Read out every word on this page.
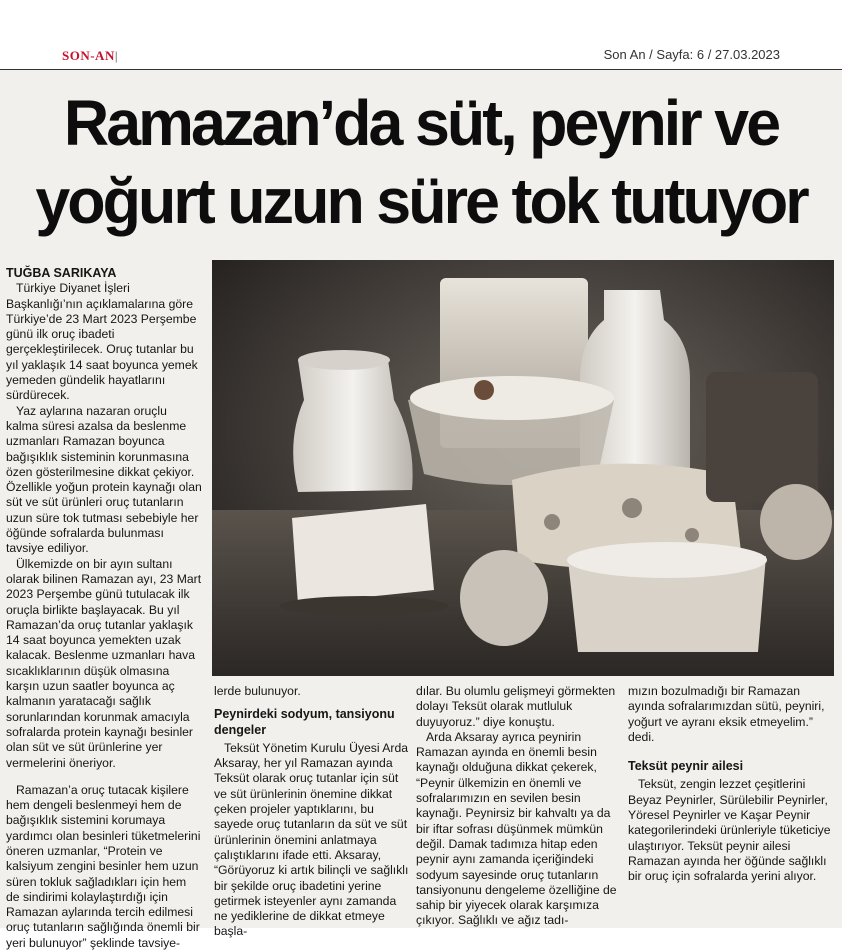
SON-AN|	Son An / Sayfa: 6 / 27.03.2023
Ramazan’da süt, peynir ve
yoğurt uzun süre tok tutuyor

TUĞBA SARIKAYA

Türkiye Diyanet İşleri Başkanlığı’nın açıklamalarına göre Türkiye’de 23 Mart 2023 Perşembe günü ilk oruç ibadeti gerçekleştirilecek. Oruç tutanlar bu yıl yaklaşık 14 saat boyunca yemek yemeden gündelik hayatlarını sürdürecek.

Yaz aylarına nazaran oruçlu kalma süresi azalsa da beslenme uzmanları Ramazan boyunca bağışıklık sisteminin korunmasına özen gösterilmesine dikkat çekiyor. Özellikle yoğun protein kaynağı olan süt ve süt ürünleri oruç tutanların uzun süre tok tutması sebebiyle her öğünde sofralarda bulunması tavsiye ediliyor.

Ülkemizde on bir ayın sultanı olarak bilinen Ramazan ayı, 23 Mart 2023 Perşembe günü tutulacak ilk oruçla birlikte başlayacak. Bu yıl Ramazan’da oruç tutanlar yaklaşık 14 saat boyunca yemekten uzak kalacak. Beslenme uzmanları hava sıcaklıklarının düşük olmasına karşın uzun saatler boyunca aç kalmanın yaratacağı sağlık sorunlarından korunmak amacıyla sofralarda protein kaynağı besinler olan süt ve süt ürünlerine yer vermelerini öneriyor.

Ramazan’a oruç tutacak kişilere hem dengeli beslenmeyi hem de bağışıklık sistemini korumaya yardımcı olan besinleri tüketmelerini öneren uzmanlar, “Protein ve kalsiyum zengini besinler hem uzun süren tokluk sağladıkları için hem de sindirimi kolaylaştırdığı için Ramazan aylarında tercih edilmesi oruç tutanların sağlığında önemli bir yeri bulunuyor” şeklinde tavsiye-

lerde bulunuyor.

Peynirdeki sodyum, tansiyonu dengeler

Teksüt Yönetim Kurulu Üyesi Arda Aksaray, her yıl Ramazan ayında Teksüt olarak oruç tutanlar için süt ve süt ürünlerinin önemine dikkat çeken projeler yaptıklarını, bu sayede oruç tutanların da süt ve süt ürünlerinin önemini anlatmaya çalıştıklarını ifade etti. Aksaray, “Görüyoruz ki artık bilinçli ve sağlıklı bir şekilde oruç ibadetini yerine getirmek isteyenler aynı zamanda ne yediklerine de dikkat etmeye başla-

dılar. Bu olumlu gelişmeyi görmekten dolayı Teksüt olarak mutluluk duyuyoruz.” diye konuştu.

Arda Aksaray ayrıca peynirin Ramazan ayında en önemli besin kaynağı olduğuna dikkat çekerek, “Peynir ülkemizin en önemli ve sofralarımızın en sevilen besin kaynağı. Peynirsiz bir kahvaltı ya da bir iftar sofrası düşünmek mümkün değil. Damak tadımıza hitap eden peynir aynı zamanda içeriğindeki sodyum sayesinde oruç tutanların tansiyonunu dengeleme özelliğine de sahip bir yiyecek olarak karşımıza çıkıyor. Sağlıklı ve ağız tadı-

mızın bozulmadığı bir Ramazan ayında sofralarımızdan sütü, peyniri, yoğurt ve ayranı eksik etmeyelim.” dedi.

Teksüt peynir ailesi

Teksüt, zengin lezzet çeşitlerini Beyaz Peynirler, Sürülebilir Peynirler, Yöresel Peynirler ve Kaşar Peynir kategorilerindeki ürünleriyle tüketiciye ulaştırıyor. Teksüt peynir ailesi Ramazan ayında her öğünde sağlıklı bir oruç için sofralarda yerini alıyor.
